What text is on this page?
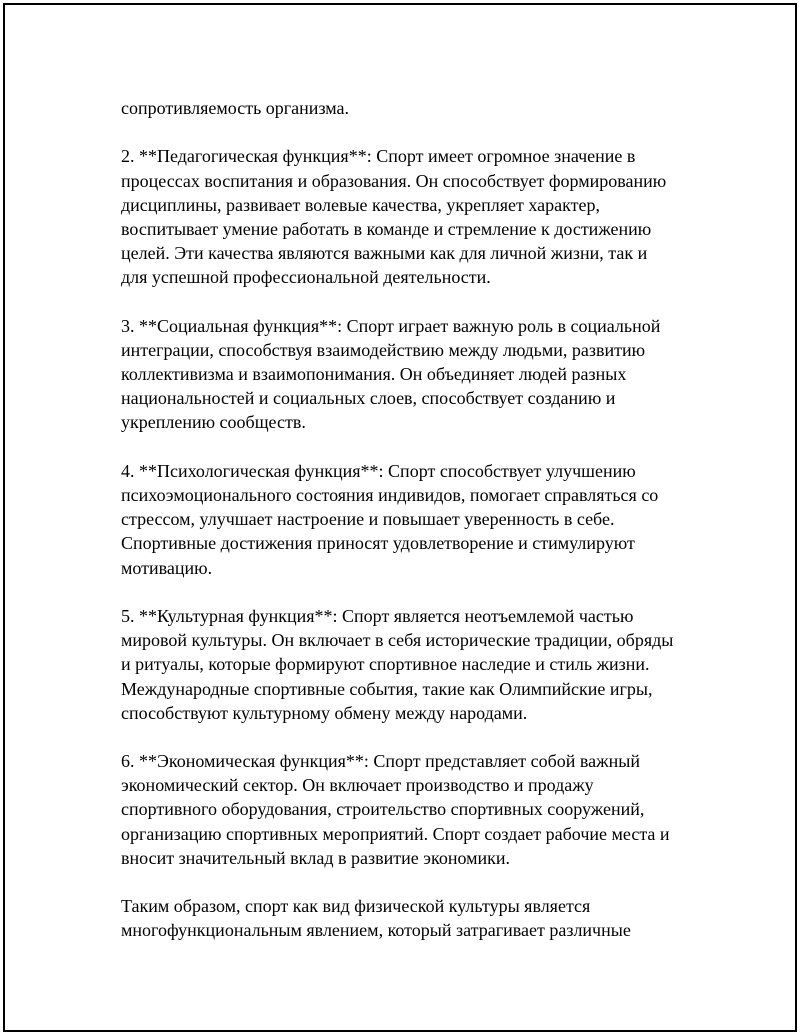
сопротивляемость организма.
2. **Педагогическая функция**: Спорт имеет огромное значение в
процессах воспитания и образования. Он способствует формированию
дисциплины, развивает волевые качества, укрепляет характер,
воспитывает умение работать в команде и стремление к достижению
целей. Эти качества являются важными как для личной жизни, так и
для успешной профессиональной деятельности.
3. **Социальная функция**: Спорт играет важную роль в социальной
интеграции, способствуя взаимодействию между людьми, развитию
коллективизма и взаимопонимания. Он объединяет людей разных
национальностей и социальных слоев, способствует созданию и
укреплению сообществ.
4. **Психологическая функция**: Спорт способствует улучшению
психоэмоционального состояния индивидов, помогает справляться со
стрессом, улучшает настроение и повышает уверенность в себе.
Спортивные достижения приносят удовлетворение и стимулируют
мотивацию.
5. **Культурная функция**: Спорт является неотъемлемой частью
мировой культуры. Он включает в себя исторические традиции, обряды
и ритуалы, которые формируют спортивное наследие и стиль жизни.
Международные спортивные события, такие как Олимпийские игры,
способствуют культурному обмену между народами.
6. **Экономическая функция**: Спорт представляет собой важный
экономический сектор. Он включает производство и продажу
спортивного оборудования, строительство спортивных сооружений,
организацию спортивных мероприятий. Спорт создает рабочие места и
вносит значительный вклад в развитие экономики.
Таким образом, спорт как вид физической культуры является
многофункциональным явлением, который затрагивает различные
